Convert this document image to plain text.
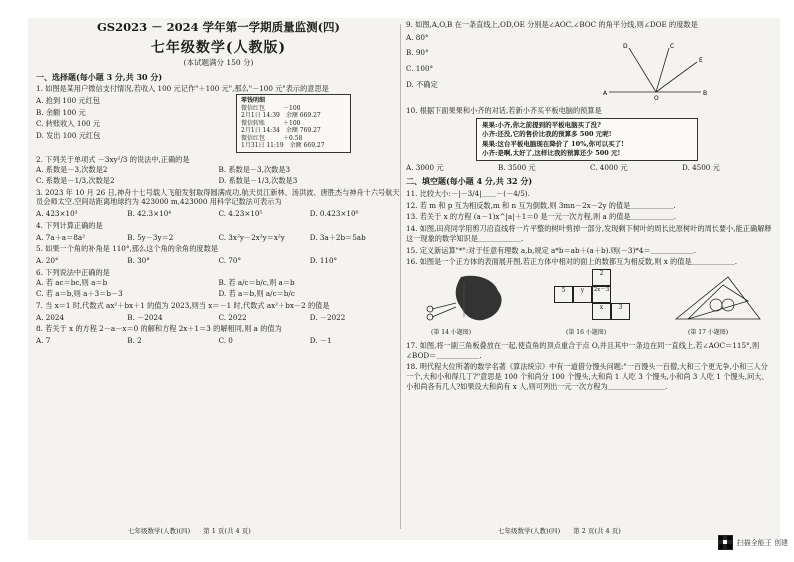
GS2023 － 2024 学年第一学期质量监测(四)
七年级数学(人教版)
(本试题满分 150 分)
一、选择题(每小题 3 分,共 30 分)
1. 如图是某用户微信支付情况,若收入 100 元记作"＋100 元",那么"－100 元"表示的意思是
A. 抢到 100 元红包
B. 余额 100 元
C. 转账收入 100 元
D. 发出 100 元红包
零钱明细
微信红包　　　－100
2月1日 14:39　余额 669.27
微信转账　　　＋100
2月1日 14:34　余额 769.27
微信红包　　　＋0.58
1月31日 11:19　余额 669.27
2. 下列关于单项式 －3xy²/3 的说法中,正确的是
A. 系数是－3,次数是2	B. 系数是－3,次数是3
C. 系数是－1/3,次数是2	D. 系数是－1/3,次数是3
3. 2023 年 10 月 26 日,神舟十七号载人飞船发射取得圆满成功,航天员江新林、汤洪波、唐胜杰与神舟十六号航天员会师太空.空间站距离地球约为 423000 m,423000 用科学记数法可表示为
A. 423×10³	B. 42.3×10⁴	C. 4.23×10⁵	D. 0.423×10⁶
4. 下列计算正确的是
A. 7a＋a＝8a²	B. 5y－3y＝2	C. 3x²y－2x²y＝x²y	D. 3a＋2b＝5ab
5. 如果一个角的补角是 110°,那么这个角的余角的度数是
A. 20°	B. 30°	C. 70°	D. 110°
6. 下列说法中正确的是
A. 若 ac＝bc,则 a＝b	B. 若 a/c＝b/c,则 a＝b
C. 若 a＝b,则 a＋3＝b－3	D. 若 a＝b,则 a/c＝b/c
7. 当 x＝1 时,代数式 ax²＋bx＋1 的值为 2023,则当 x＝－1 时,代数式 ax²＋bx－2 的值是
A. 2024	B. －2024	C. 2022	D. －2022
8. 若关于 x 的方程 2－a－x＝0 的解和方程 2x＋1＝3 的解相同,则 a 的值为
A. 7	B. 2	C. 0	D. －1
七年级数学(人教)(四)　　第 1 页(共 4 页)
9. 如图,A,O,B 在一条直线上,OD,OE 分别是∠AOC,∠BOC 的角平分线,则∠DOE 的度数是
A. 80°
B. 90°
C. 100°
D. 不确定
D	C
E
A
O
B
10. 根据下面果果和小齐的对话,若新小齐买平板电脑的预算是
果果:小齐,你之前提到的平板电脑买了没?
小齐:还没,它的售价比我的预算多 500 元呢!
果果:这台平板电脑现在降价了 10%,你可以买了!
小齐:是啊,太好了,这样比我的预算还少 500 元!
A. 3000 元	B. 3500 元	C. 4000 元	D. 4500 元
二、填空题(每小题 4 分,共 32 分)
11. 比较大小:－|－3/4|＿＿－(－4/5).
12. 若 m 和 p 互为相反数,m 和 n 互为倒数,则 3mn－2x－2y 的值是＿＿＿＿＿＿.
13. 若关于 x 的方程 (a－1)x^|a|＋1＝0 是一元一次方程,则 a 的值是＿＿＿＿＿＿.
14. 如图,田亮同学用剪刀沿直线将一片平整的树叶剪掉一部分,发现剩下树叶的周长比原树叶的周长要小,能正确解释这一现象的数学知识是＿＿＿＿＿＿.
15. 定义新运算"*":对于任意有理数 a,b,规定 a*b＝ab＋(a＋b).则(－3)*4＝＿＿＿＿＿＿.
16. 如图是一个正方体的表面展开图,若正方体中相对的面上的数都互为相反数,则 x 的值是＿＿＿＿＿＿.
2
5	y	2x－3
x	3
(第 14 小题图)	(第 16 小题图)	(第 17 小题图)
17. 如图,将一副三角板叠放在一起,使直角的顶点重合于点 O,并且其中一条边在同一直线上,若∠AOC＝115°,则∠BOD＝＿＿＿＿＿＿.
18. 明代程大位所著的数学名著《算法统宗》中有一道借分馒头问题:"一百馒头一百僧,大和三个更无争,小和三人分一个,大和小和得几丁?"意思是 100 个和尚分 100 个馒头,大和尚 1 人吃 3 个馒头,小和尚 3 人吃 1 个馒头,问大、小和尚各有几人?如果设大和尚有 x 人,则可列出一元一次方程为＿＿＿＿＿＿＿＿.
七年级数学(人教)(四)　　第 2 页(共 4 页)
扫描全能王 创建
